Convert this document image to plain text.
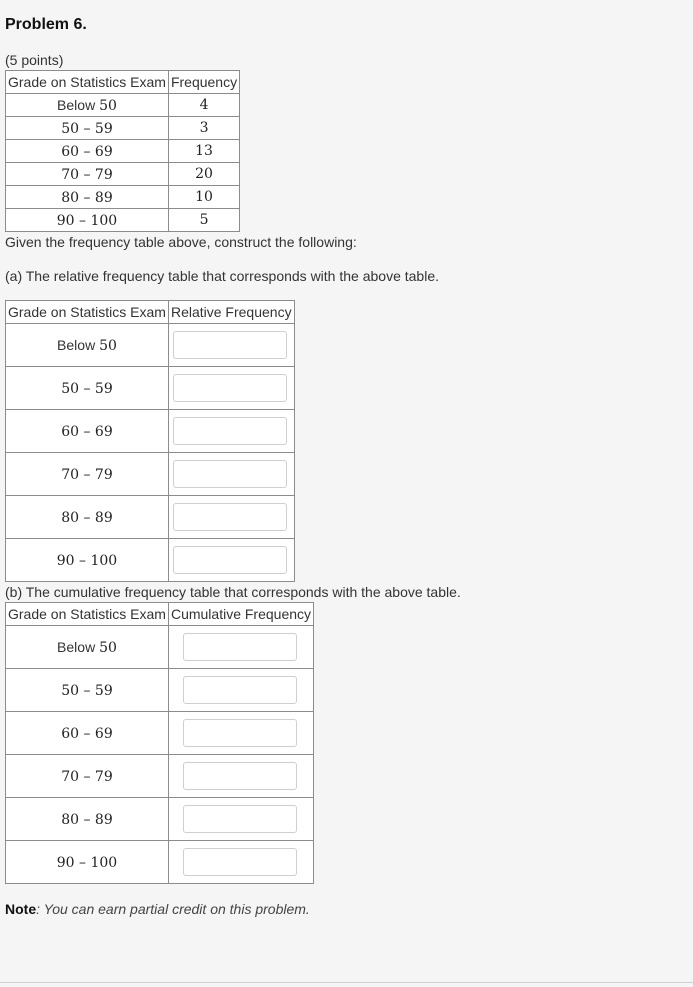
Problem 6.
(5 points)
Grade on Statistics Exam	Frequency
Below 50	4
50 – 59	3
60 – 69	13
70 – 79	20
80 – 89	10
90 – 100	5
Given the frequency table above, construct the following:
(a) The relative frequency table that corresponds with the above table.
Grade on Statistics Exam	Relative Frequency
Below 50	
50 – 59	
60 – 69	
70 – 79	
80 – 89	
90 – 100	
(b) The cumulative frequency table that corresponds with the above table.
Grade on Statistics Exam	Cumulative Frequency
Below 50	
50 – 59	
60 – 69	
70 – 79	
80 – 89	
90 – 100	
Note: You can earn partial credit on this problem.
